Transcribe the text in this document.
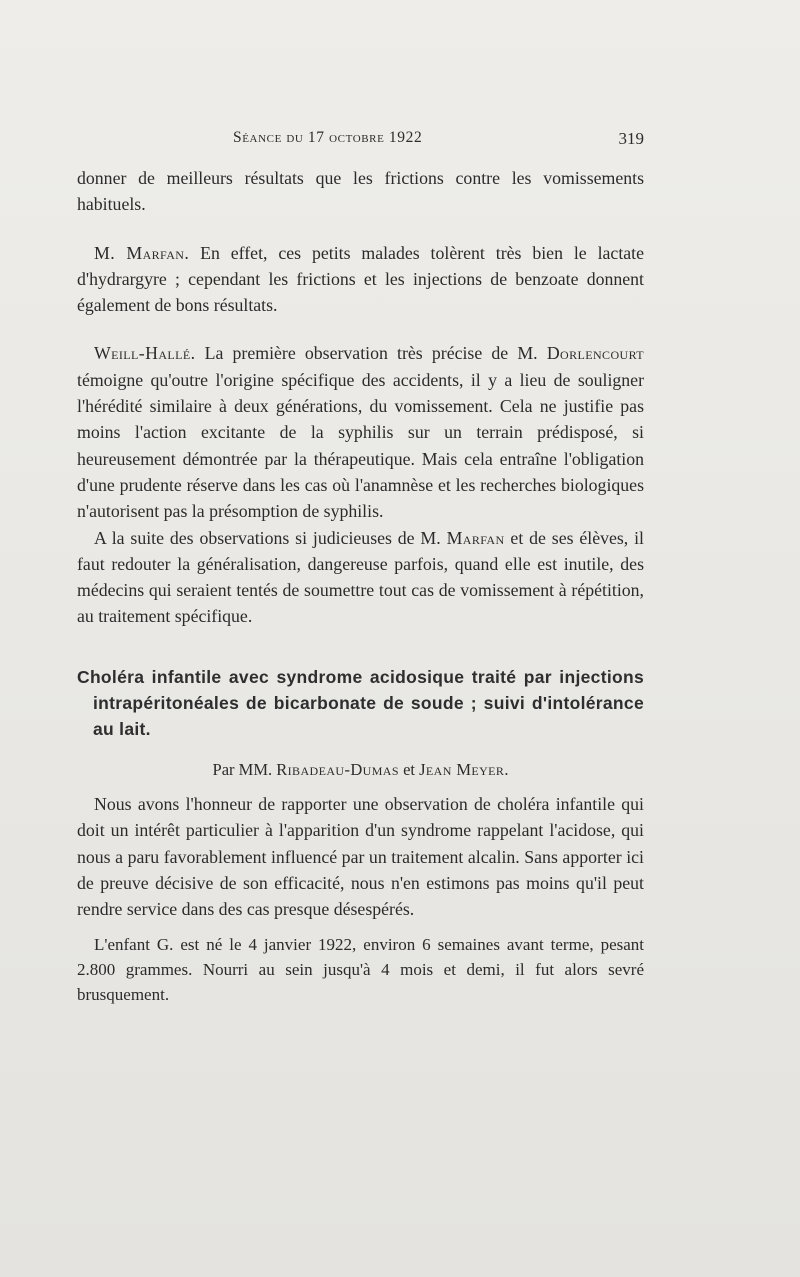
Séance du 17 octobre 1922	319

donner de meilleurs résultats que les frictions contre les vomissements habituels.

M. Marfan. En effet, ces petits malades tolèrent très bien le lactate d'hydrargyre ; cependant les frictions et les injections de benzoate donnent également de bons résultats.

Weill-Hallé. La première observation très précise de M. Dorlencourt témoigne qu'outre l'origine spécifique des accidents, il y a lieu de souligner l'hérédité similaire à deux générations, du vomissement. Cela ne justifie pas moins l'action excitante de la syphilis sur un terrain prédisposé, si heureusement démontrée par la thérapeutique. Mais cela entraîne l'obligation d'une prudente réserve dans les cas où l'anamnèse et les recherches biologiques n'autorisent pas la présomption de syphilis.

A la suite des observations si judicieuses de M. Marfan et de ses élèves, il faut redouter la généralisation, dangereuse parfois, quand elle est inutile, des médecins qui seraient tentés de soumettre tout cas de vomissement à répétition, au traitement spécifique.

Choléra infantile avec syndrome acidosique traité par injections intrapéritonéales de bicarbonate de soude ; suivi d'intolérance au lait.

Par MM. Ribadeau-Dumas et Jean Meyer.

Nous avons l'honneur de rapporter une observation de choléra infantile qui doit un intérêt particulier à l'apparition d'un syndrome rappelant l'acidose, qui nous a paru favorablement influencé par un traitement alcalin. Sans apporter ici de preuve décisive de son efficacité, nous n'en estimons pas moins qu'il peut rendre service dans des cas presque désespérés.

L'enfant G. est né le 4 janvier 1922, environ 6 semaines avant terme, pesant 2.800 grammes. Nourri au sein jusqu'à 4 mois et demi, il fut alors sevré brusquement.
